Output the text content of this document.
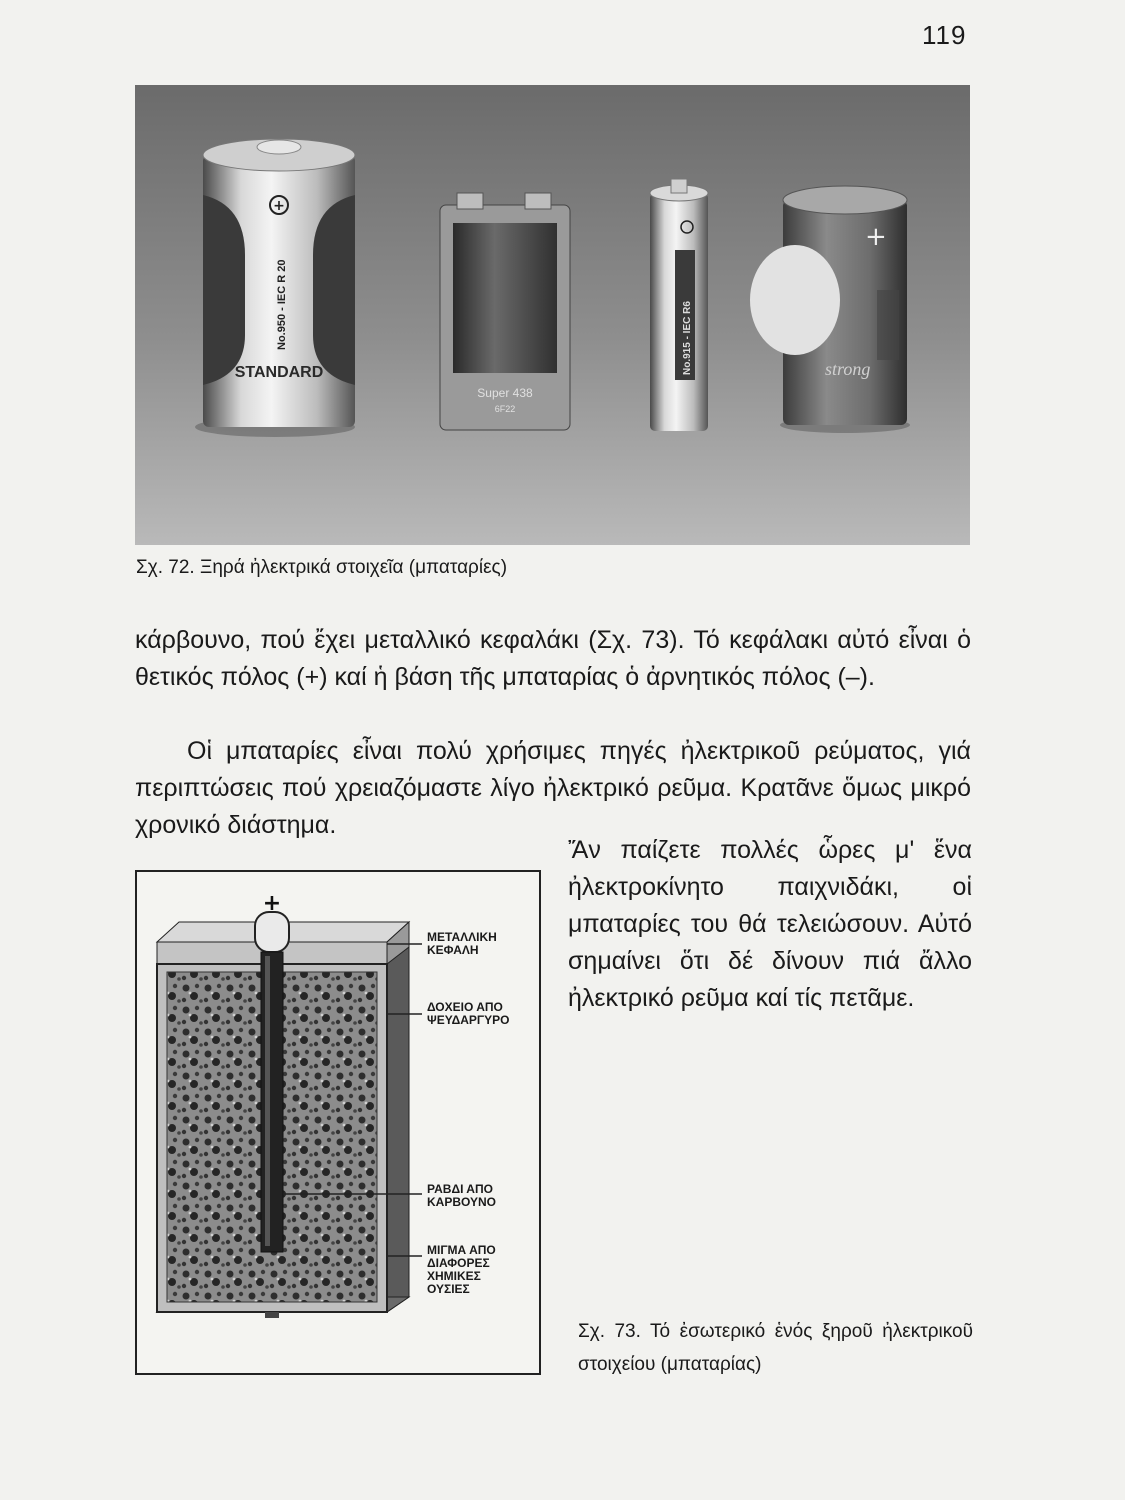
119
+
No.950 - IEC R 20
STANDARD
Super 438
6F22
No.915 - IEC R6
+
strong
Σχ. 72. Ξηρά ἠλεκτρικά στοιχεῖα (μπαταρίες)

κάρβουνο, πού ἔχει μεταλλικό κεφαλάκι (Σχ. 73). Τό κεφάλακι αὐτό εἶναι ὁ θετικός πόλος (+) καί ἡ βάση τῆς μπαταρίας ὁ ἀρνητικός πόλος (–).

Οἱ μπαταρίες εἶναι πολύ χρήσιμες πηγές ἠλεκτρικοῦ ρεύματος, γιά περιπτώσεις πού χρειαζόμαστε λίγο ἠλεκτρικό ρεῦμα. Κρατᾶνε ὅμως μικρό χρονικό διάστημα.

Ἄν παίζετε πολλές ὧρες μ' ἕνα ἠλεκτροκίνητο παιχνιδάκι, οἱ μπαταρίες του θά τελειώσουν. Αὐτό σημαίνει ὅτι δέ δίνουν πιά ἄλλο ἠλεκτρικό ρεῦμα καί τίς πετᾶμε.

+
ΜΕΤΑΛΛΙΚΗ ΚΕΦΑΛΗ
ΔΟΧΕΙΟ ΑΠΟ ΨΕΥΔΑΡΓΥΡΟ
ΡΑΒΔΙ ΑΠΟ ΚΑΡΒΟΥΝΟ
ΜΙΓΜΑ ΑΠΟ ΔΙΑΦΟΡΕΣ ΧΗΜΙΚΕΣ ΟΥΣΙΕΣ
Σχ. 73. Τό ἐσωτερικό ἑνός ξηροῦ ἠλεκτρικοῦ στοιχείου (μπαταρίας)
